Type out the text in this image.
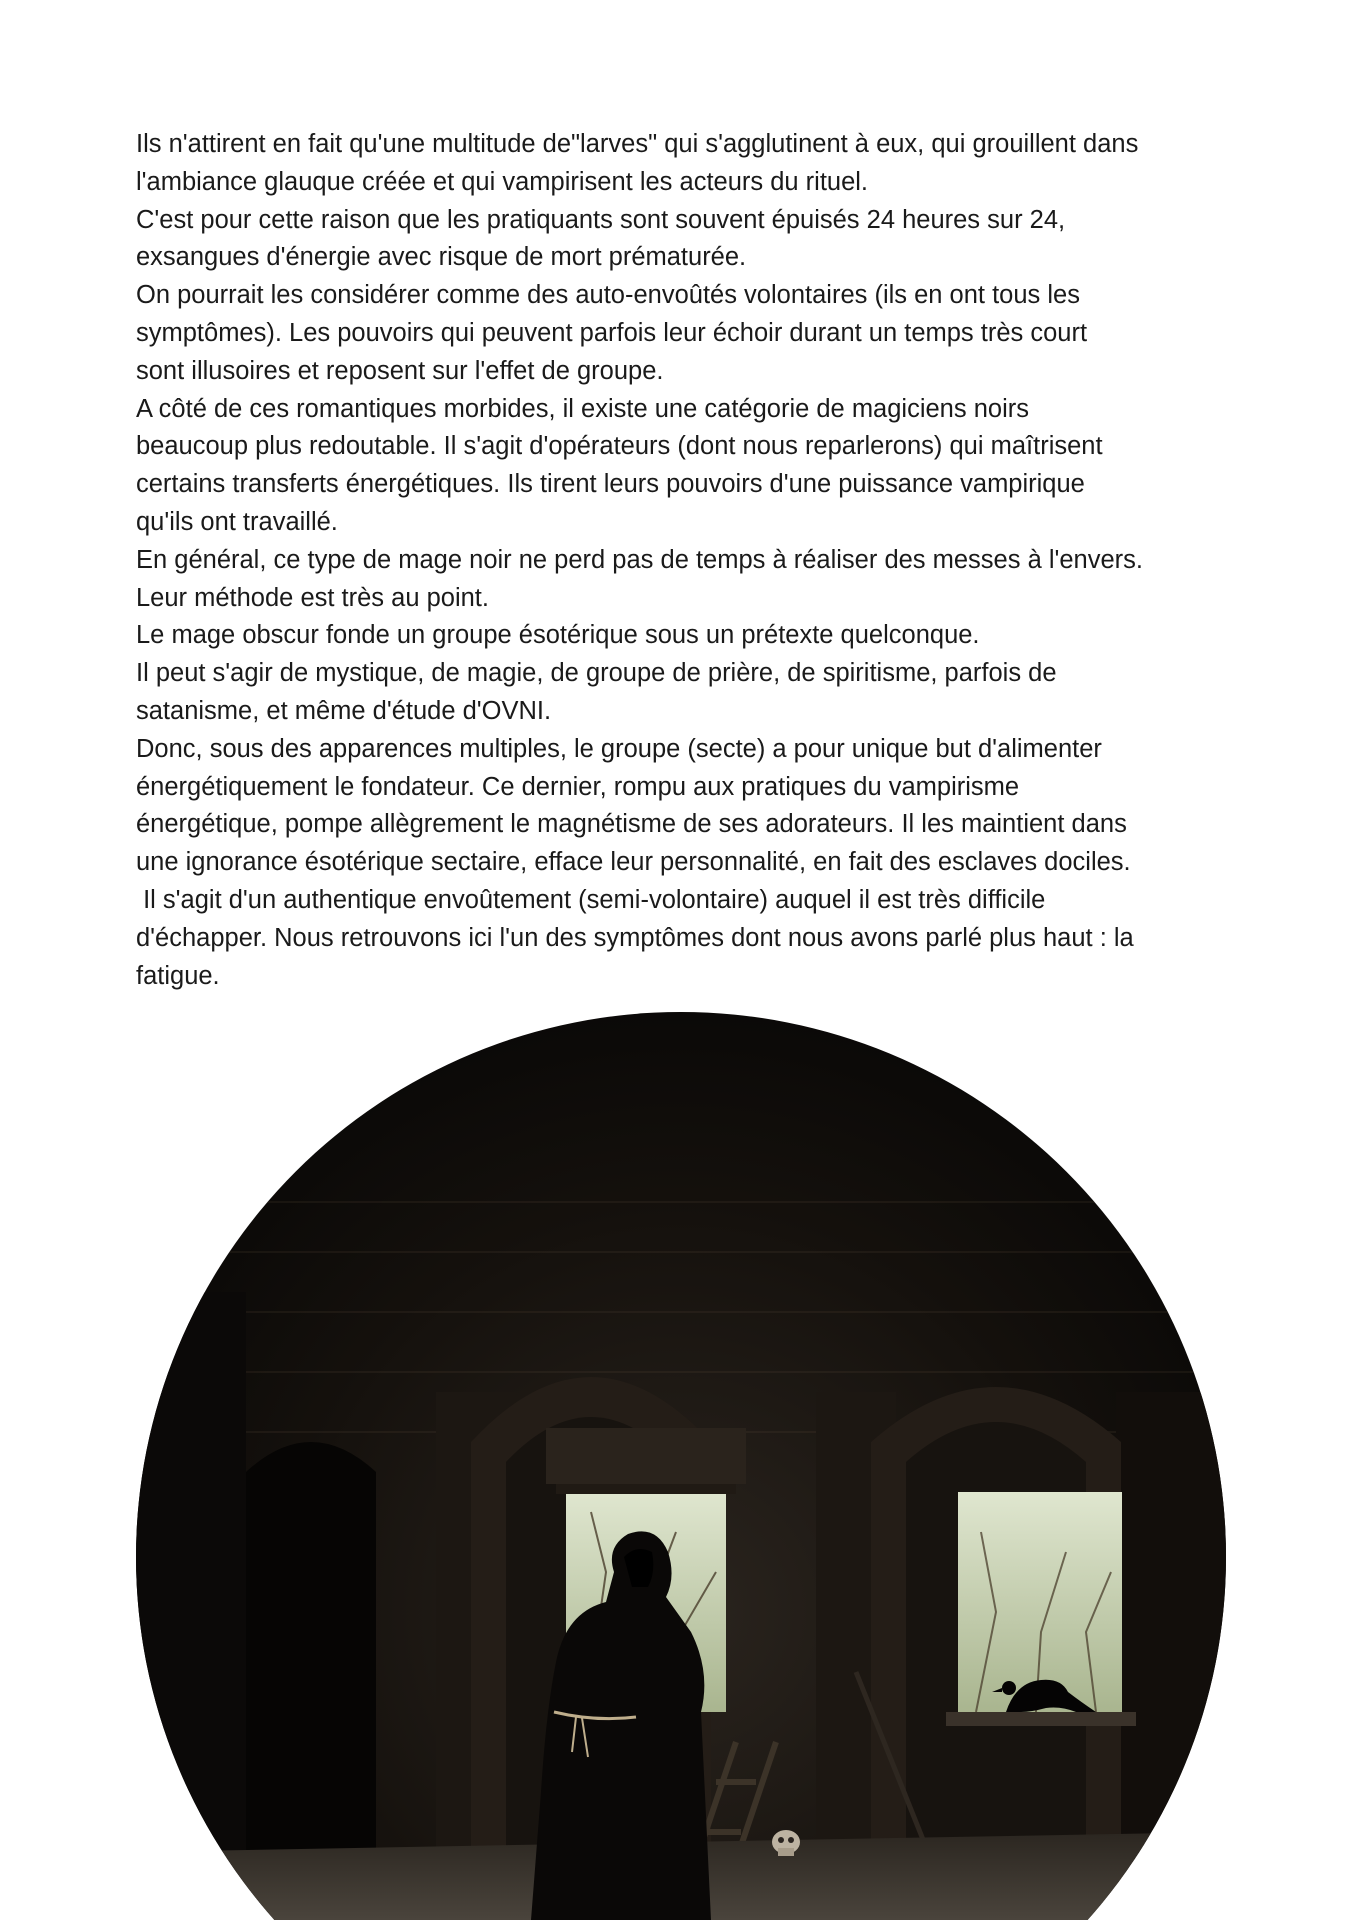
Ils n'attirent en fait qu'une multitude de"larves" qui s'agglutinent à eux, qui grouillent dans
l'ambiance glauque créée et qui vampirisent les acteurs du rituel.
C'est pour cette raison que les pratiquants sont souvent épuisés 24 heures sur 24,
exsangues d'énergie avec risque de mort prématurée.
On pourrait les considérer comme des auto-envoûtés volontaires (ils en ont tous les
symptômes). Les pouvoirs qui peuvent parfois leur échoir durant un temps très court
sont illusoires et reposent sur l'effet de groupe.
A côté de ces romantiques morbides, il existe une catégorie de magiciens noirs
beaucoup plus redoutable. Il s'agit d'opérateurs (dont nous reparlerons) qui maîtrisent
certains transferts énergétiques. Ils tirent leurs pouvoirs d'une puissance vampirique
qu'ils ont travaillé.
En général, ce type de mage noir ne perd pas de temps à réaliser des messes à l'envers.
Leur méthode est très au point.
Le mage obscur fonde un groupe ésotérique sous un prétexte quelconque.
Il peut s'agir de mystique, de magie, de groupe de prière, de spiritisme, parfois de
satanisme, et même d'étude d'OVNI.
Donc, sous des apparences multiples, le groupe (secte) a pour unique but d'alimenter
énergétiquement le fondateur. Ce dernier, rompu aux pratiques du vampirisme
énergétique, pompe allègrement le magnétisme de ses adorateurs. Il les maintient dans
une ignorance ésotérique sectaire, efface leur personnalité, en fait des esclaves dociles.
Il s'agit d'un authentique envoûtement (semi-volontaire) auquel il est très difficile
d'échapper. Nous retrouvons ici l'un des symptômes dont nous avons parlé plus haut : la
fatigue.
